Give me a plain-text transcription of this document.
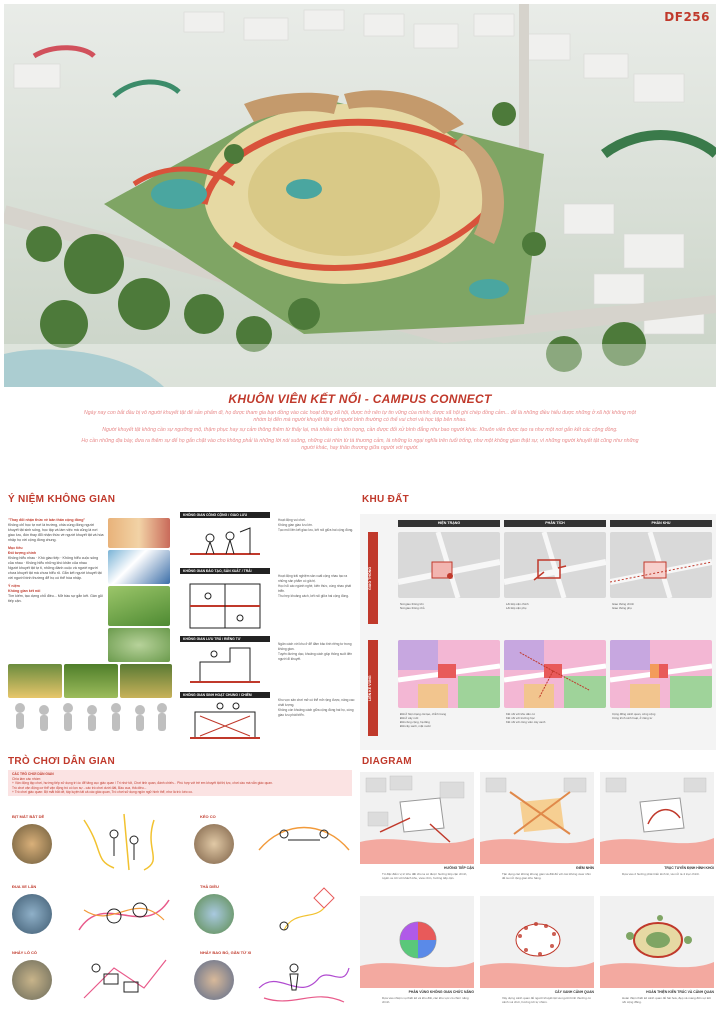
DF256
KHUÔN VIÊN KẾT NỐI - CAMPUS CONNECT

Ngày nay con bắt đầu bị vô người khuyết tật để sản phẩm đi, họ được tham gia bạn đồng vào các hoạt động xã hội, được trở nên tự tin vững cùa mình, được xã hội ghi chép đồng cảm... để là những điều hiểu được những ở xã hội không một nhóm bị đến mà người khuyết tật với người bình thường có thể vui chơi và học tập bên nhau.

Người khuyết tật không cần sự ngưỡng mộ, thậm phục hay sự cảm thông thêm từ thấy lại, mà nhiều cần tôn trọng, cần được đối xử bình đẳng như bao người khác. Khuôn viên được tạo ra như một nơi gắn kết các cộng đồng.

Họ cần những địa bày, đưa ra thêm sự để họ gắn chặt vào cho không phải là những lời nói suông, những cái nhìn từ tà thương cảm, là những lo ngại nghĩa trên tuổi trống, như một không gian thật sự, vì những người khuyết tật cũng như những người khác, hay thân thương giữa người với người.

Ý NIỆM KHÔNG GIAN
"Thay đổi nhận thức về bản thân cộng đồng"
Không chỉ học tự nơi là trường, chia cùng đồng người khuyết tật sinh sống, học tập và làm việc mà cũng là nơi giao lưu, đón thay đổi nhận thức về người khuyết tật và hòa nhập họ với cộng đồng chung.
Mục tiêu
Đối tượng chính
Không hiểu nhau · Khó giao tiếp · Không hiểu cuộc sống của nhau · Không hiểu những khó khăn của nhau
Người khuyết tật tự ti, những đánh cuộc và người người chưa khuyết tật mà chưa hiểu rõ. Gắn kết người khuyết tật với người bình thường để họ có thể hòa nhập.
Ý niệm
Không gian kết nối
Tìm kiếm, tạo dựng chỗ điều... Mở bầu sự gắn kết. Gần gũi tiếp cận.
KHÔNG GIAN CÔNG CỘNG / GIAO LƯU
Hoạt động vui chơi.
Không gian giao lưu lớn.
Tạo mối liên kết giao lưu, kết nối giữa hai cộng đồng.
KHÔNG GIAN ĐÀO TẠO, SẢN XUẤT / TRẢI
Hoạt động trải nghiệm sản xuất cộng nhau tạo ra những sản phẩm có giá trị.
Học hỏi các ngành nghề, kiến thức, cùng nhau phát triển.
Thu hẹp khoảng cách, kết nối giữa hai cộng đồng.
KHÔNG GIAN LƯU TRÚ / RIÊNG TƯ
Ngăn cách với khu ở để đảm bảo tính riêng tư trong không gian.
Tuyến đường dạo, khoảng cách giúp thông suốt đến người đi khuyết.
KHÔNG GIAN SINH HOẠT CHUNG / CHIÊM
Khu vực sân chơi mở có thể mở rộng được, nâng cao chất lượng.
Không còn khoảng cách giữa cộng đồng hai họ, cùng giao lưu phát triển.
KHU ĐẤT
HIỆN TRẠNG	PHÂN TÍCH	PHÂN KHU
GIAO THÔNG
LIÊN KẾ VÙNG
Nút giao thông lớn
Nút giao thông nhỏ
Lối tiếp cận chính
Lối tiếp cận phụ
Giao thông chính
Giao thông phụ
Đất ở hiện trạng cải tạo, chỉnh trang
Đất ở xây mới
Đất công cộng, hạ tầng
Đất cây xanh, mặt nước
Kết nối với khu dân cư
Kết nối với trường học
Kết nối với công viên cây xanh
Cộng đồng cảnh quan, công cộng
Công trình sinh hoạt, ở riêng tư
TRÒ CHƠI DÂN GIAN
CÁC TRÒ CHƠI DÂN GIAN
Chia làm các nhóm:
+ Vận động tập chơi, hướng tiếp xử dụng trí óc để tăng cục giác quan / Trí nhớ tốt, Chơi tinh quan, đánh chiến... Phù hợp với trẻ em khuyết tật thị lực, chơi cầu mà vẫn giác quan.
Trò chơi vận động cơ thể vận động trò có lực sự - các trò chơi dưới đất, Bầu cua, thả diều...
+ Trò chơi giác quan: Bịt mắt bắt dê, tập luyện tất cả các giác quan, Trò chơi sử dụng ngôn ngữ hình thể, như là trò: kéo co.
BỊT MẮT BẮT DÊ
ĐUA XE LĂN
NHẢY LÒ CÒ
KÉO CO
THẢ DIỀU
NHẢY BAO BỐ, GĂN TỪ XI
DIAGRAM
HƯỚNG TIẾP CẬN
Từ đặc điểm vị trí khu đất cho ta có được hướng tiếp cận chính, tuyến xe tới với khách khu, view nhìn, hướng tiếp cận.
ĐIỂM NHÌN
Tận dụng các không khung gian và đất để với các không view nhìn để ta mở rộng gian khu hàng.
TRỤC TUYẾN ĐỊNH HÌNH KHỐI
Dựa vào 2 hướng phát triển kinh tế, và mở ra 4 trục chính.
PHÂN VÙNG KHÔNG GIAN CHỨC NĂNG
Dựa vào nhiệm vụ thiết kế và khu đất, các khu vực có chức năng chính.
CÂY XANH CẢNH QUAN
Xây dựng cảnh quan để người khuyết tật và người bình thường có cảnh vui chơi, hướng tới tự nhiên.
HOÀN THIỆN KIẾN TRÚC VÀ CẢNH QUAN
Hoàn thiện thiết kế cảnh quan để hài hoà, đẹp và mang đến sự kết nối cộng đồng.
